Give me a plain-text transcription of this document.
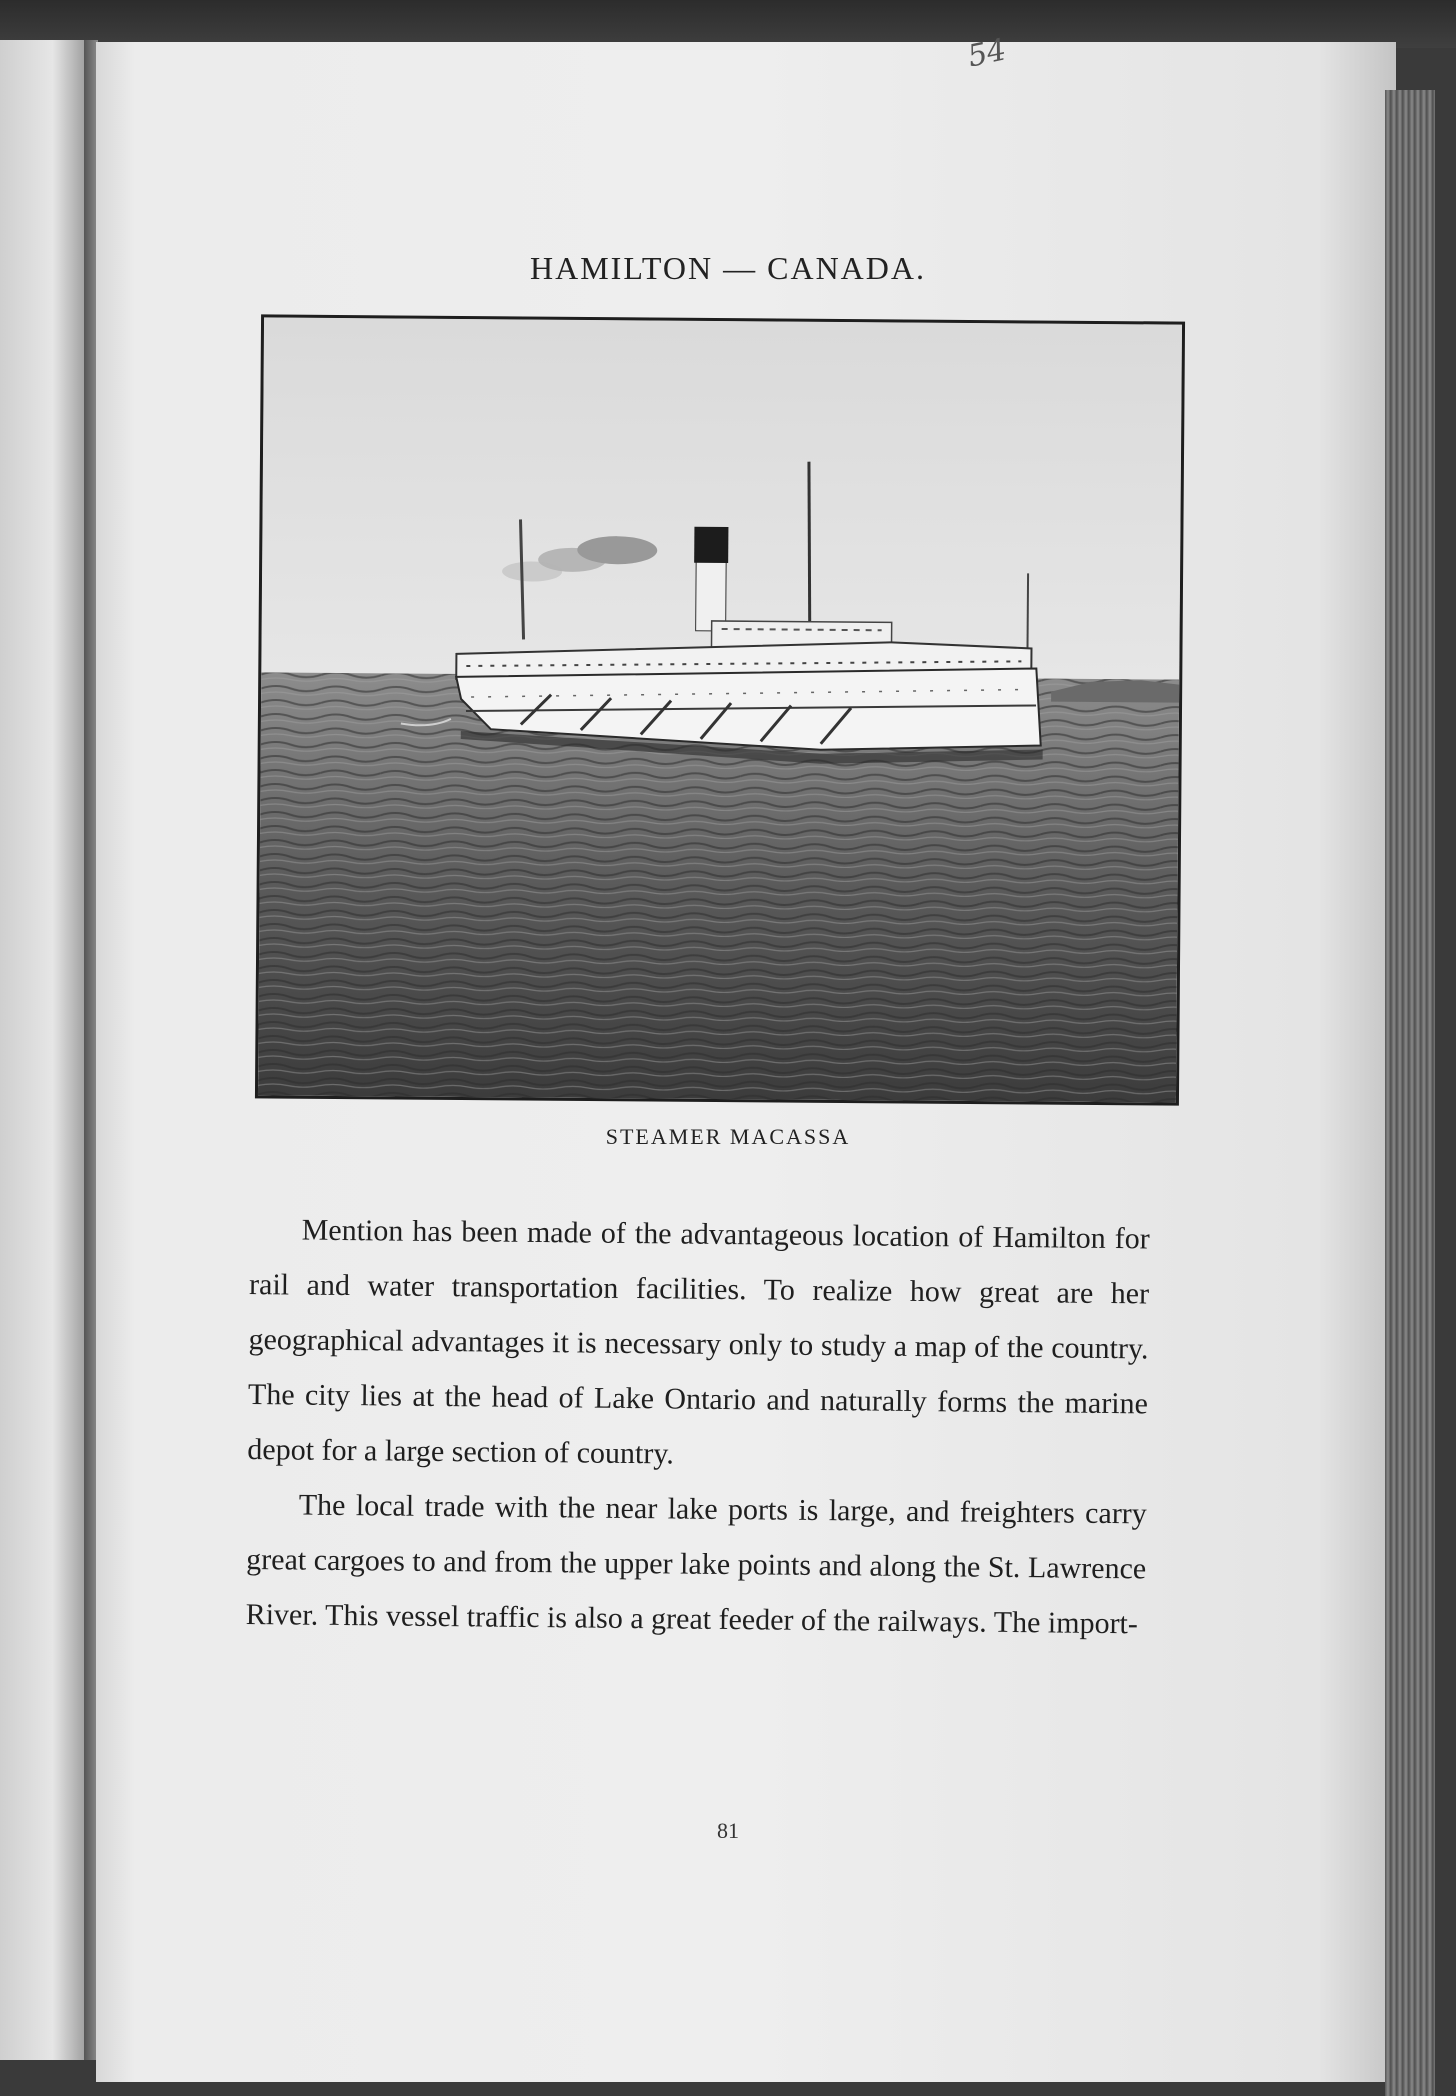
54
HAMILTON — CANADA.
STEAMER MACASSA

Mention has been made of the advantageous location of Hamilton for rail and water transportation facilities. To realize how great are her geographical advantages it is necessary only to study a map of the country. The city lies at the head of Lake Ontario and naturally forms the marine depot for a large section of country.

The local trade with the near lake ports is large, and freighters carry great cargoes to and from the upper lake points and along the St. Lawrence River. This vessel traffic is also a great feeder of the railways. The import-

81
